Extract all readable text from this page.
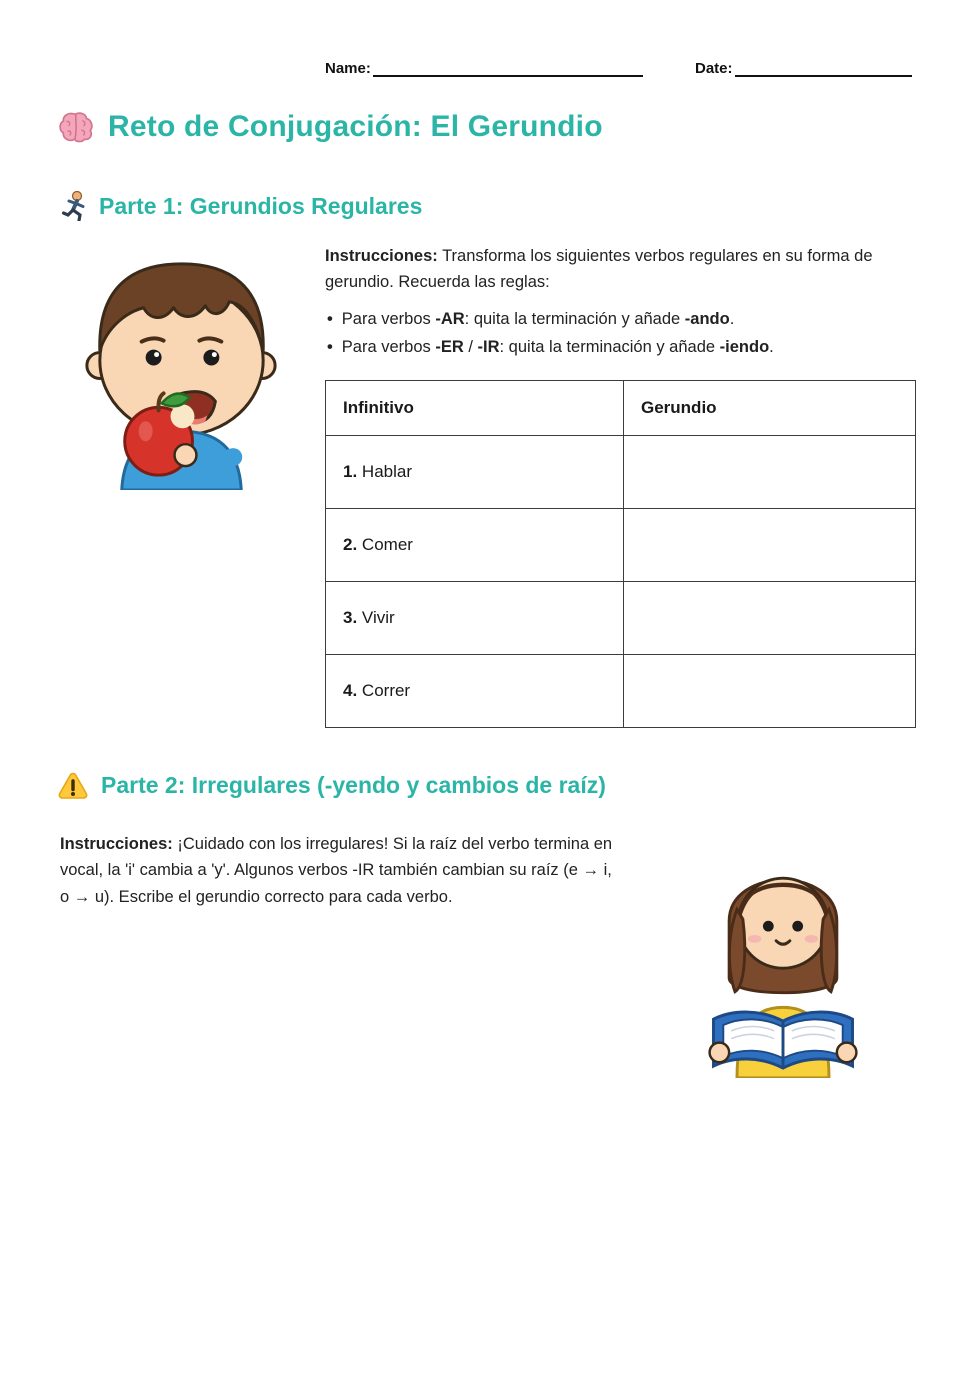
Name:	Date:
Reto de Conjugación: El Gerundio
Parte 1: Gerundios Regulares

Instrucciones: Transforma los siguientes verbos regulares en su forma de gerundio. Recuerda las reglas:

• Para verbos -AR: quita la terminación y añade -ando.
• Para verbos -ER / -IR: quita la terminación y añade -iendo.
Infinitivo	Gerundio
1. Hablar	
2. Comer	
3. Vivir	
4. Correr	
Parte 2: Irregulares (-yendo y cambios de raíz)

Instrucciones: ¡Cuidado con los irregulares! Si la raíz del verbo termina en vocal, la 'i' cambia a 'y'. Algunos verbos -IR también cambian su raíz (e → i, o → u). Escribe el gerundio correcto para cada verbo.
